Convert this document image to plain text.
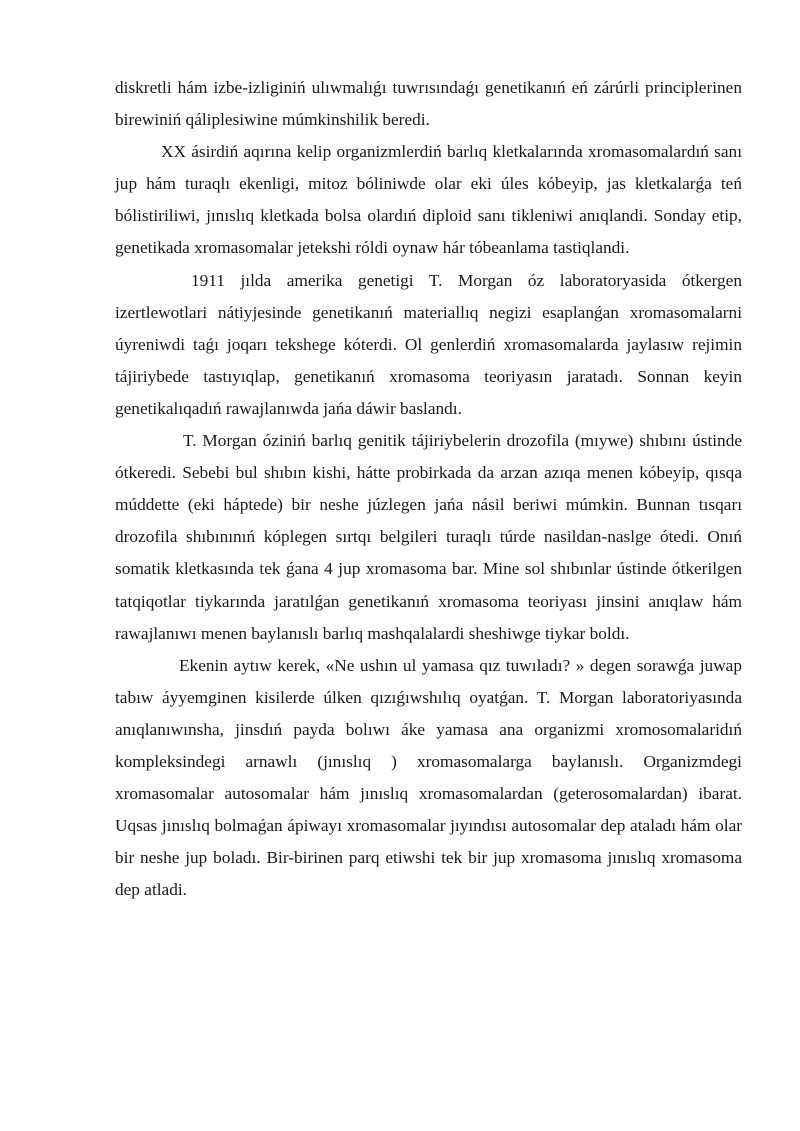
diskretli hám izbe-izliginiń ulıwmalıǵı tuwrısındaǵı genetikanıń eń zárúrli principlerinen birewiniń qáliplesiwine múmkinshilik beredi.

XX ásirdiń aqırına kelip organizmlerdiń barlıq kletkalarında xromasomalardıń sanı jup hám turaqlı ekenligi, mitoz bóliniwde olar eki úles kóbeyip, jas kletkalarǵa teń bólistiriliwi, jınıslıq kletkada bolsa olardıń diploid sanı tikleniwi anıqlandi. Sonday etip, genetikada xromasomalar jetekshi róldi oynaw hár tóbeanlama tastiqlandi.

1911 jılda amerika genetigi T. Morgan óz laboratoryasida ótkergen izertlewotlari nátiyjesinde genetikanıń materiallıq negizi esaplanǵan xromasomalarni úyreniwdi taǵı joqarı tekshege kóterdi. Ol genlerdiń xromasomalarda jaylasıw rejimin tájiriybede tastıyıqlap, genetikanıń xromasoma teoriyasın jaratadı. Sonnan keyin genetikalıqadıń rawajlanıwda jańa dáwir baslandı.

T. Morgan óziniń barlıq genitik tájiriybelerin drozofila (mıywe) shıbını ústinde ótkeredi. Sebebi bul shıbın kishi, hátte probirkada da arzan azıqa menen kóbeyip, qısqa múddette (eki háptede) bir neshe júzlegen jańa násil beriwi múmkin. Bunnan tısqarı drozofila shıbınınıń kóplegen sırtqı belgileri turaqlı túrde nasildan-naslge ótedi. Onıń somatik kletkasında tek ǵana 4 jup xromasoma bar. Mine sol shıbınlar ústinde ótkerilgen tatqiqotlar tiykarında jaratılǵan genetikanıń xromasoma teoriyası jinsini anıqlaw hám rawajlanıwı menen baylanıslı barlıq mashqalalardi sheshiwge tiykar boldı.

Ekenin aytıw kerek, «Ne ushın ul yamasa qız tuwıladı? » degen sorawǵa juwap tabıw áyyemginen kisilerde úlken qızıǵıwshılıq oyatǵan. T. Morgan laboratoriyasında anıqlanıwınsha, jinsdıń payda bolıwı áke yamasa ana organizmi xromosomalaridıń kompleksindegi arnawlı (jınıslıq ) xromasomalarga baylanıslı. Organizmdegi xromasomalar autosomalar hám jınıslıq xromasomalardan (geterosomalardan) ibarat. Uqsas jınıslıq bolmaǵan ápiwayı xromasomalar jıyındısı autosomalar dep ataladı hám olar bir neshe jup boladı. Bir-birinen parq etiwshi tek bir jup xromasoma jınıslıq xromasoma dep atladi.
